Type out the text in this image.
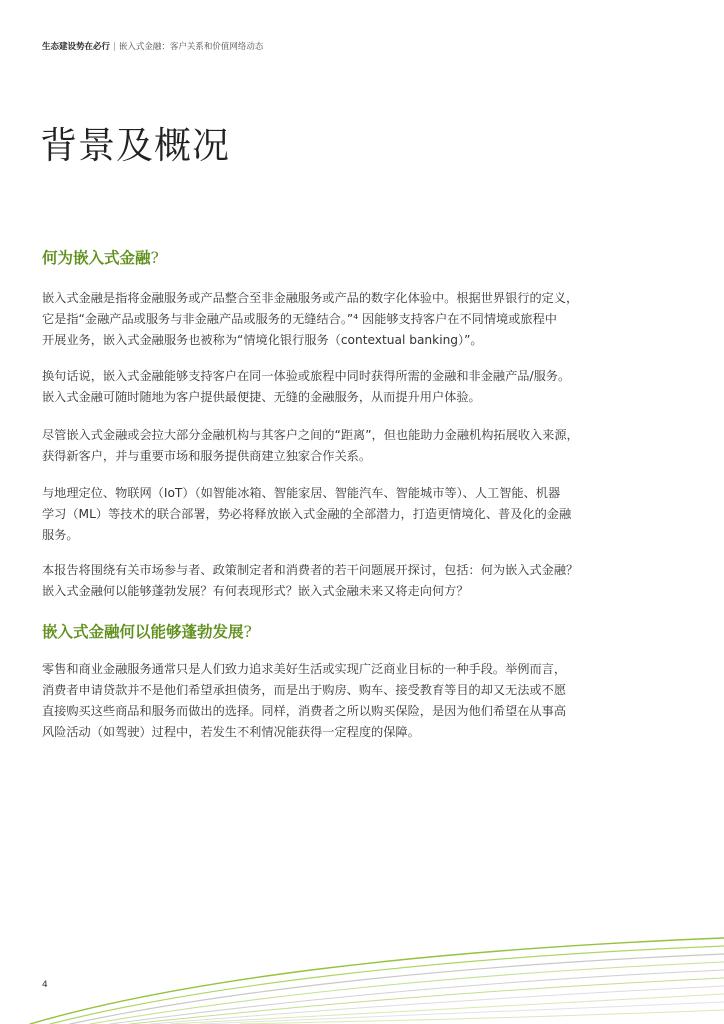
生态建设势在必行 | 嵌入式金融：客户关系和价值网络动态
背景及概况
何为嵌入式金融?
嵌入式金融是指将金融服务或产品整合至非金融服务或产品的数字化体验中。根据世界银行的定义，
它是指“金融产品或服务与非金融产品或服务的无缝结合。”⁴ 因能够支持客户在不同情境或旅程中
开展业务，嵌入式金融服务也被称为“情境化银行服务（contextual banking）”。
换句话说，嵌入式金融能够支持客户在同一体验或旅程中同时获得所需的金融和非金融产品/服务。
嵌入式金融可随时随地为客户提供最便捷、无缝的金融服务，从而提升用户体验。
尽管嵌入式金融或会拉大部分金融机构与其客户之间的“距离”，但也能助力金融机构拓展收入来源，
获得新客户，并与重要市场和服务提供商建立独家合作关系。
与地理定位、物联网（IoT）（如智能冰箱、智能家居、智能汽车、智能城市等）、人工智能、机器
学习（ML）等技术的联合部署，势必将释放嵌入式金融的全部潜力，打造更情境化、普及化的金融
服务。
本报告将围绕有关市场参与者、政策制定者和消费者的若干问题展开探讨，包括：何为嵌入式金融？
嵌入式金融何以能够蓬勃发展？有何表现形式？嵌入式金融未来又将走向何方？
嵌入式金融何以能够蓬勃发展?
零售和商业金融服务通常只是人们致力追求美好生活或实现广泛商业目标的一种手段。举例而言，
消费者申请贷款并不是他们希望承担债务，而是出于购房、购车、接受教育等目的却又无法或不愿
直接购买这些商品和服务而做出的选择。同样，消费者之所以购买保险，是因为他们希望在从事高
风险活动（如驾驶）过程中，若发生不利情况能获得一定程度的保障。
4
